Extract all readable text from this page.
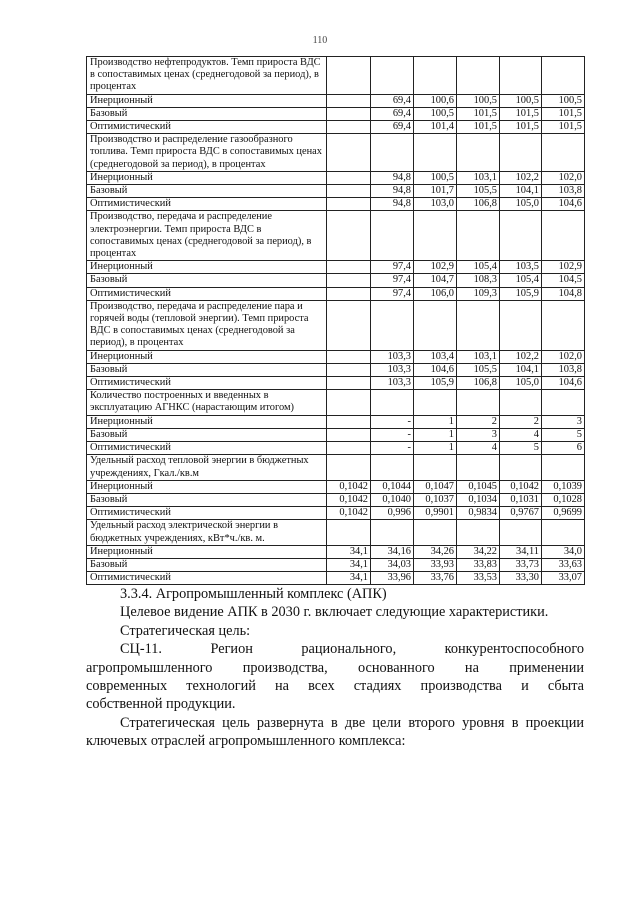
110
Производство нефтепродуктов. Темп прироста ВДС в сопоставимых ценах (среднегодовой за период), в процентах						
Инерционный		69,4	100,6	100,5	100,5	100,5
Базовый		69,4	100,5	101,5	101,5	101,5
Оптимистический		69,4	101,4	101,5	101,5	101,5
Производство и распределение газообразного топлива. Темп прироста ВДС в сопоставимых ценах (среднегодовой за период), в процентах						
Инерционный		94,8	100,5	103,1	102,2	102,0
Базовый		94,8	101,7	105,5	104,1	103,8
Оптимистический		94,8	103,0	106,8	105,0	104,6
Производство, передача и распределение электроэнергии. Темп прироста ВДС в сопоставимых ценах (среднегодовой за период), в процентах						
Инерционный		97,4	102,9	105,4	103,5	102,9
Базовый		97,4	104,7	108,3	105,4	104,5
Оптимистический		97,4	106,0	109,3	105,9	104,8
Производство, передача и распределение пара и горячей воды (тепловой энергии). Темп прироста ВДС в сопоставимых ценах (среднегодовой за период), в процентах						
Инерционный		103,3	103,4	103,1	102,2	102,0
Базовый		103,3	104,6	105,5	104,1	103,8
Оптимистический		103,3	105,9	106,8	105,0	104,6
Количество построенных и введенных в эксплуатацию АГНКС (нарастающим итогом)						
Инерционный		-	1	2	2	3
Базовый		-	1	3	4	5
Оптимистический		-	1	4	5	6
Удельный расход тепловой энергии в бюджетных учреждениях, Гкал./кв.м						
Инерционный	0,1042	0,1044	0,1047	0,1045	0,1042	0,1039
Базовый	0,1042	0,1040	0,1037	0,1034	0,1031	0,1028
Оптимистический	0,1042	0,996	0,9901	0,9834	0,9767	0,9699
Удельный расход электрической энергии в бюджетных учреждениях, кВт*ч./кв. м.						
Инерционный	34,1	34,16	34,26	34,22	34,11	34,0
Базовый	34,1	34,03	33,93	33,83	33,73	33,63
Оптимистический	34,1	33,96	33,76	33,53	33,30	33,07

3.3.4. Агропромышленный комплекс (АПК)

Целевое видение АПК в 2030 г. включает следующие характеристики.

Стратегическая цель:

СЦ-11. Регион рационального, конкурентоспособного

агропромышленного производства, основанного на применении

современных технологий на всех стадиях производства и сбыта

собственной продукции.

Стратегическая цель развернута в две цели второго уровня в проекции ключевых отраслей агропромышленного комплекса:
